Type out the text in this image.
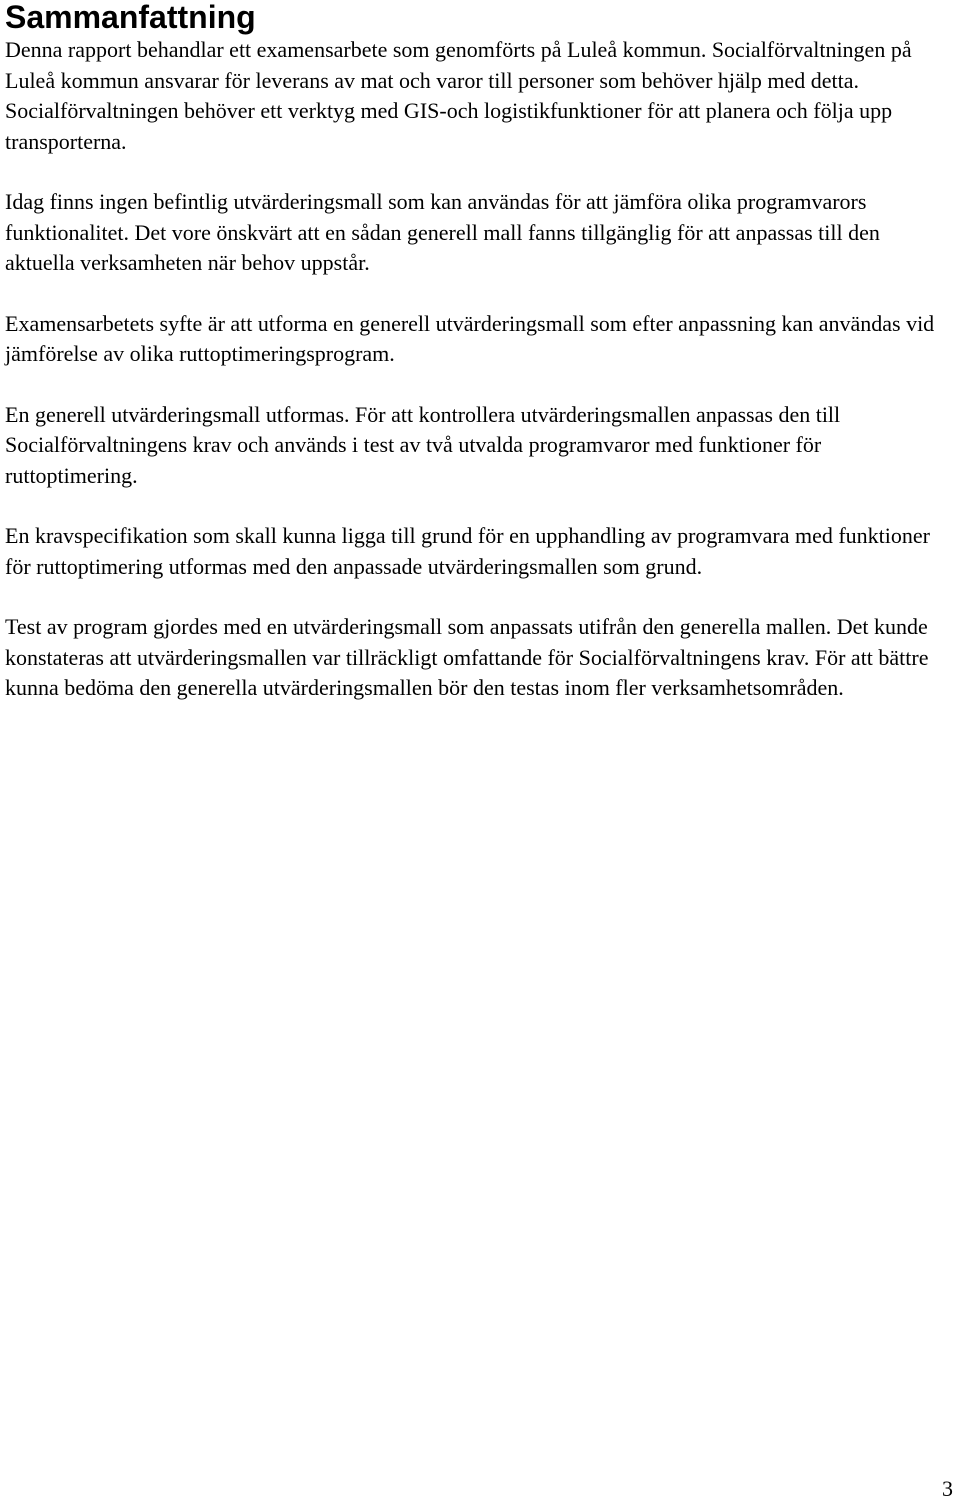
Sammanfattning

Denna rapport behandlar ett examensarbete som genomförts på Luleå kommun. Socialförvaltningen på Luleå kommun ansvarar för leverans av mat och varor till personer som behöver hjälp med detta. Socialförvaltningen behöver ett verktyg med GIS-och logistikfunktioner för att planera och följa upp transporterna.

Idag finns ingen befintlig utvärderingsmall som kan användas för att jämföra olika programvarors funktionalitet. Det vore önskvärt att en sådan generell mall fanns tillgänglig för att anpassas till den aktuella verksamheten när behov uppstår.

Examensarbetets syfte är att utforma en generell utvärderingsmall som efter anpassning kan användas vid jämförelse av olika ruttoptimeringsprogram.

En generell utvärderingsmall utformas. För att kontrollera utvärderingsmallen anpassas den till Socialförvaltningens krav och används i test av två utvalda programvaror med funktioner för ruttoptimering.

En kravspecifikation som skall kunna ligga till grund för en upphandling av programvara med funktioner för ruttoptimering utformas med den anpassade utvärderingsmallen som grund.

Test av program gjordes med en utvärderingsmall som anpassats utifrån den generella mallen. Det kunde konstateras att utvärderingsmallen var tillräckligt omfattande för Socialförvaltningens krav. För att bättre kunna bedöma den generella utvärderingsmallen bör den testas inom fler verksamhetsområden.

3
